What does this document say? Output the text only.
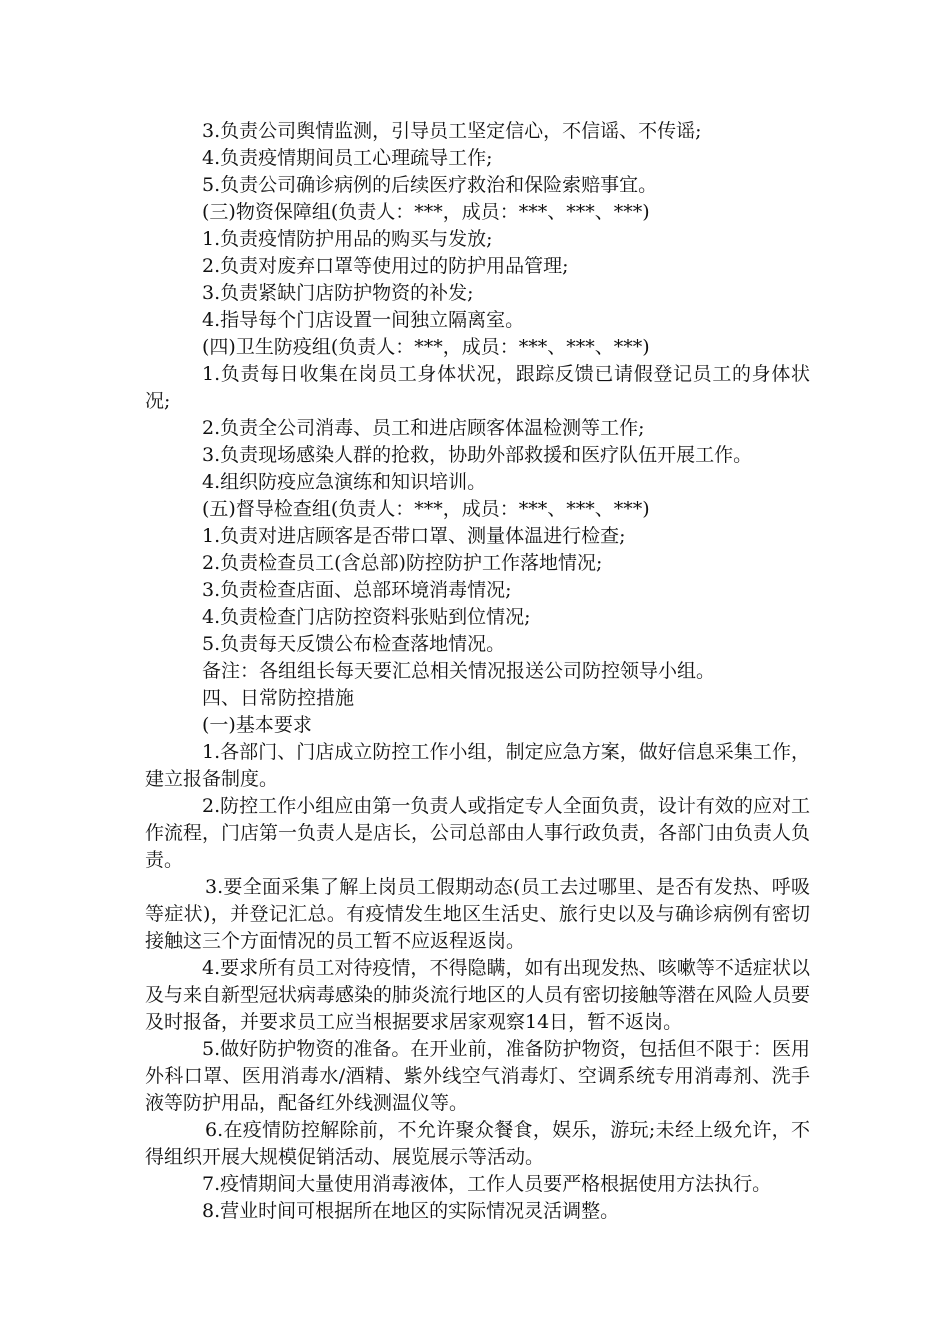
3.负责公司舆情监测，引导员工坚定信心，不信谣、不传谣;

4.负责疫情期间员工心理疏导工作;

5.负责公司确诊病例的后续医疗救治和保险索赔事宜。

(三)物资保障组(负责人：***，成员：***、***、***)

1.负责疫情防护用品的购买与发放;

2.负责对废弃口罩等使用过的防护用品管理;

3.负责紧缺门店防护物资的补发;

4.指导每个门店设置一间独立隔离室。

(四)卫生防疫组(负责人：***，成员：***、***、***)

1.负责每日收集在岗员工身体状况，跟踪反馈已请假登记员工的身体状况;

2.负责全公司消毒、员工和进店顾客体温检测等工作;

3.负责现场感染人群的抢救，协助外部救援和医疗队伍开展工作。

4.组织防疫应急演练和知识培训。

(五)督导检查组(负责人：***，成员：***、***、***)

1.负责对进店顾客是否带口罩、测量体温进行检查;

2.负责检查员工(含总部)防控防护工作落地情况;

3.负责检查店面、总部环境消毒情况;

4.负责检查门店防控资料张贴到位情况;

5.负责每天反馈公布检查落地情况。

备注：各组组长每天要汇总相关情况报送公司防控领导小组。

四、日常防控措施

(一)基本要求

1.各部门、门店成立防控工作小组，制定应急方案，做好信息采集工作，建立报备制度。

2.防控工作小组应由第一负责人或指定专人全面负责，设计有效的应对工作流程，门店第一负责人是店长，公司总部由人事行政负责，各部门由负责人负责。

3.要全面采集了解上岗员工假期动态(员工去过哪里、是否有发热、呼吸等症状)，并登记汇总。有疫情发生地区生活史、旅行史以及与确诊病例有密切接触这三个方面情况的员工暂不应返程返岗。

4.要求所有员工对待疫情，不得隐瞒，如有出现发热、咳嗽等不适症状以及与来自新型冠状病毒感染的肺炎流行地区的人员有密切接触等潜在风险人员要及时报备，并要求员工应当根据要求居家观察14日，暂不返岗。

5.做好防护物资的准备。在开业前，准备防护物资，包括但不限于：医用外科口罩、医用消毒水/酒精、紫外线空气消毒灯、空调系统专用消毒剂、洗手液等防护用品，配备红外线测温仪等。

6.在疫情防控解除前，不允许聚众餐食，娱乐，游玩;未经上级允许，不得组织开展大规模促销活动、展览展示等活动。

7.疫情期间大量使用消毒液体，工作人员要严格根据使用方法执行。

8.营业时间可根据所在地区的实际情况灵活调整。
